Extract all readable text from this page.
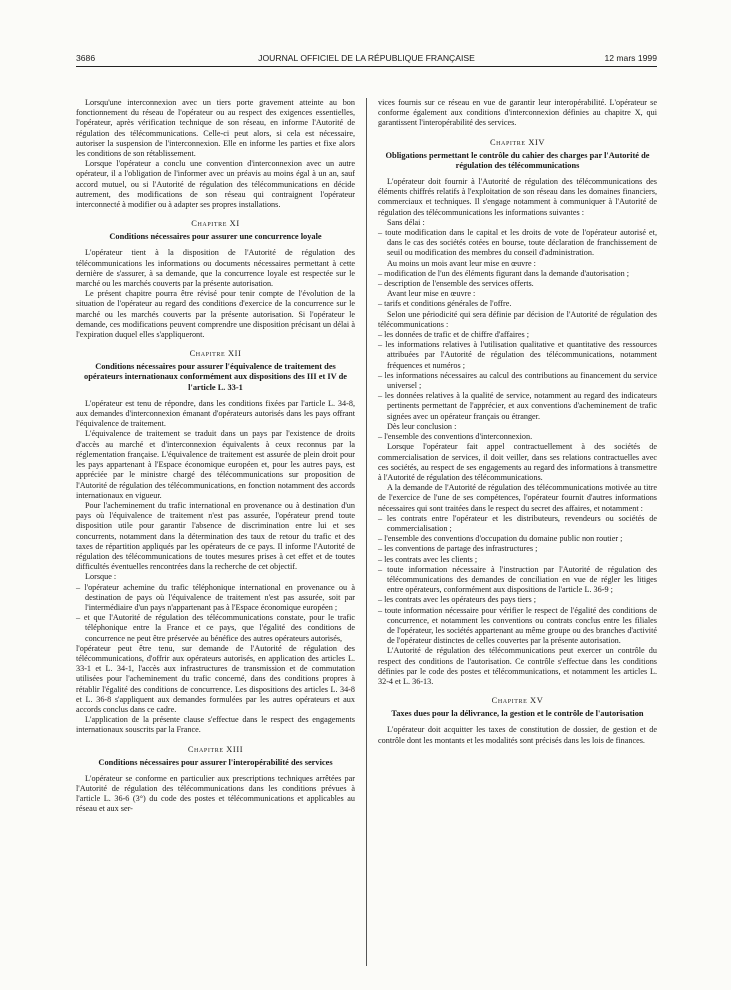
3686	JOURNAL OFFICIEL DE LA RÉPUBLIQUE FRANÇAISE	12 mars 1999

Lorsqu'une interconnexion avec un tiers porte gravement atteinte au bon fonctionnement du réseau de l'opérateur ou au respect des exigences essentielles, l'opérateur, après vérification technique de son réseau, en informe l'Autorité de régulation des télécommunications. Celle-ci peut alors, si cela est nécessaire, autoriser la suspension de l'interconnexion. Elle en informe les parties et fixe alors les conditions de son rétablissement.

Lorsque l'opérateur a conclu une convention d'interconnexion avec un autre opérateur, il a l'obligation de l'informer avec un préavis au moins égal à un an, sauf accord mutuel, ou si l'Autorité de régulation des télécommunications en décide autrement, des modifications de son réseau qui contraignent l'opérateur interconnecté à modifier ou à adapter ses propres installations.

Chapitre XI
Conditions nécessaires pour assurer une concurrence loyale

L'opérateur tient à la disposition de l'Autorité de régulation des télécommunications les informations ou documents nécessaires permettant à cette dernière de s'assurer, à sa demande, que la concurrence loyale est respectée sur le marché ou les marchés couverts par la présente autorisation.

Le présent chapitre pourra être révisé pour tenir compte de l'évolution de la situation de l'opérateur au regard des conditions d'exercice de la concurrence sur le marché ou les marchés couverts par la présente autorisation. Si l'opérateur le demande, ces modifications peuvent comprendre une disposition précisant un délai à l'expiration duquel elles s'appliqueront.

Chapitre XII
Conditions nécessaires pour assurer l'équivalence de traitement des opérateurs internationaux conformément aux dispositions des III et IV de l'article L. 33-1

L'opérateur est tenu de répondre, dans les conditions fixées par l'article L. 34-8, aux demandes d'interconnexion émanant d'opérateurs autorisés dans les pays offrant l'équivalence de traitement.

L'équivalence de traitement se traduit dans un pays par l'existence de droits d'accès au marché et d'interconnexion équivalents à ceux reconnus par la réglementation française. L'équivalence de traitement est assurée de plein droit pour les pays appartenant à l'Espace économique européen et, pour les autres pays, est appréciée par le ministre chargé des télécommunications sur proposition de l'Autorité de régulation des télécommunications, en fonction notamment des accords internationaux en vigueur.

Pour l'acheminement du trafic international en provenance ou à destination d'un pays où l'équivalence de traitement n'est pas assurée, l'opérateur prend toute disposition utile pour garantir l'absence de discrimination entre lui et ses concurrents, notamment dans la détermination des taux de retour du trafic et des taxes de répartition appliqués par les opérateurs de ce pays. Il informe l'Autorité de régulation des télécommunications de toutes mesures prises à cet effet et de toutes difficultés éventuelles rencontrées dans la recherche de cet objectif.

Lorsque :

– l'opérateur achemine du trafic téléphonique international en provenance ou à destination de pays où l'équivalence de traitement n'est pas assurée, soit par l'intermédiaire d'un pays n'appartenant pas à l'Espace économique européen ;

– et que l'Autorité de régulation des télécommunications constate, pour le trafic téléphonique entre la France et ce pays, que l'égalité des conditions de concurrence ne peut être préservée au bénéfice des autres opérateurs autorisés,

l'opérateur peut être tenu, sur demande de l'Autorité de régulation des télécommunications, d'offrir aux opérateurs autorisés, en application des articles L. 33-1 et L. 34-1, l'accès aux infrastructures de transmission et de commutation utilisées pour l'acheminement du trafic concerné, dans des conditions propres à rétablir l'égalité des conditions de concurrence. Les dispositions des articles L. 34-8 et L. 36-8 s'appliquent aux demandes formulées par les autres opérateurs et aux accords conclus dans ce cadre.

L'application de la présente clause s'effectue dans le respect des engagements internationaux souscrits par la France.

Chapitre XIII
Conditions nécessaires pour assurer l'interopérabilité des services

L'opérateur se conforme en particulier aux prescriptions techniques arrêtées par l'Autorité de régulation des télécommunications dans les conditions prévues à l'article L. 36-6 (3°) du code des postes et télécommunications et applicables au réseau et aux ser-

vices fournis sur ce réseau en vue de garantir leur interopérabilité. L'opérateur se conforme également aux conditions d'interconnexion définies au chapitre X, qui garantissent l'interopérabilité des services.

Chapitre XIV
Obligations permettant le contrôle du cahier des charges par l'Autorité de régulation des télécommunications

L'opérateur doit fournir à l'Autorité de régulation des télécommunications des éléments chiffrés relatifs à l'exploitation de son réseau dans les domaines financiers, commerciaux et techniques. Il s'engage notamment à communiquer à l'Autorité de régulation des télécommunications les informations suivantes :

Sans délai :

– toute modification dans le capital et les droits de vote de l'opérateur autorisé et, dans le cas des sociétés cotées en bourse, toute déclaration de franchissement de seuil ou modification des membres du conseil d'administration.

Au moins un mois avant leur mise en œuvre :

– modification de l'un des éléments figurant dans la demande d'autorisation ;

– description de l'ensemble des services offerts.

Avant leur mise en œuvre :

– tarifs et conditions générales de l'offre.

Selon une périodicité qui sera définie par décision de l'Autorité de régulation des télécommunications :

– les données de trafic et de chiffre d'affaires ;

– les informations relatives à l'utilisation qualitative et quantitative des ressources attribuées par l'Autorité de régulation des télécommunications, notamment fréquences et numéros ;

– les informations nécessaires au calcul des contributions au financement du service universel ;

– les données relatives à la qualité de service, notamment au regard des indicateurs pertinents permettant de l'apprécier, et aux conventions d'acheminement de trafic signées avec un opérateur français ou étranger.

Dès leur conclusion :

– l'ensemble des conventions d'interconnexion.

Lorsque l'opérateur fait appel contractuellement à des sociétés de commercialisation de services, il doit veiller, dans ses relations contractuelles avec ces sociétés, au respect de ses engagements au regard des informations à transmettre à l'Autorité de régulation des télécommunications.

A la demande de l'Autorité de régulation des télécommunications motivée au titre de l'exercice de l'une de ses compétences, l'opérateur fournit d'autres informations nécessaires qui sont traitées dans le respect du secret des affaires, et notamment :

– les contrats entre l'opérateur et les distributeurs, revendeurs ou sociétés de commercialisation ;

– l'ensemble des conventions d'occupation du domaine public non routier ;

– les conventions de partage des infrastructures ;

– les contrats avec les clients ;

– toute information nécessaire à l'instruction par l'Autorité de régulation des télécommunications des demandes de conciliation en vue de régler les litiges entre opérateurs, conformément aux dispositions de l'article L. 36-9 ;

– les contrats avec les opérateurs des pays tiers ;

– toute information nécessaire pour vérifier le respect de l'égalité des conditions de concurrence, et notamment les conventions ou contrats conclus entre les filiales de l'opérateur, les sociétés appartenant au même groupe ou des branches d'activité de l'opérateur distinctes de celles couvertes par la présente autorisation.

L'Autorité de régulation des télécommunications peut exercer un contrôle du respect des conditions de l'autorisation. Ce contrôle s'effectue dans les conditions définies par le code des postes et télécommunications, et notamment les articles L. 32-4 et L. 36-13.

Chapitre XV
Taxes dues pour la délivrance, la gestion et le contrôle de l'autorisation

L'opérateur doit acquitter les taxes de constitution de dossier, de gestion et de contrôle dont les montants et les modalités sont précisés dans les lois de finances.
